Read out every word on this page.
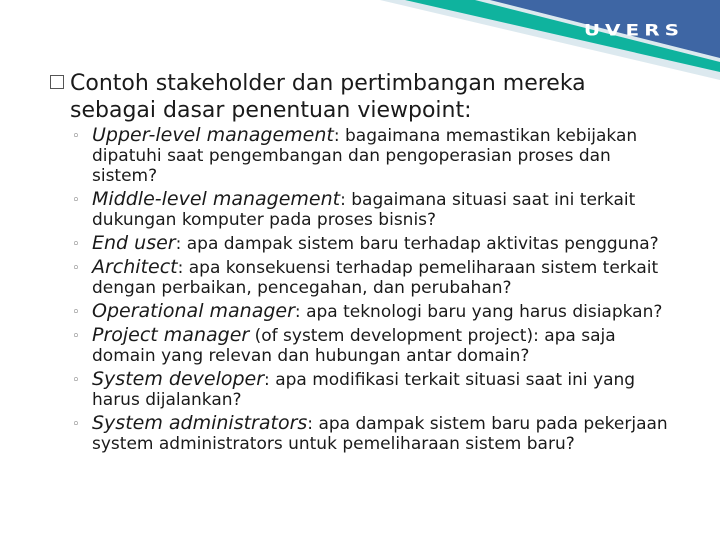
UVERS
Contoh stakeholder dan pertimbangan mereka sebagai dasar penentuan viewpoint:
◦ Upper-level management: bagaimana memastikan kebijakan dipatuhi saat pengembangan dan pengoperasian proses dan sistem?
◦ Middle-level management: bagaimana situasi saat ini terkait dukungan komputer pada proses bisnis?
◦ End user: apa dampak sistem baru terhadap aktivitas pengguna?
◦ Architect: apa konsekuensi terhadap pemeliharaan sistem terkait dengan perbaikan, pencegahan, dan perubahan?
◦ Operational manager: apa teknologi baru yang harus disiapkan?
◦ Project manager (of system development project): apa saja domain yang relevan dan hubungan antar domain?
◦ System developer: apa modifikasi terkait situasi saat ini yang harus dijalankan?
◦ System administrators: apa dampak sistem baru pada pekerjaan system administrators untuk pemeliharaan sistem baru?
